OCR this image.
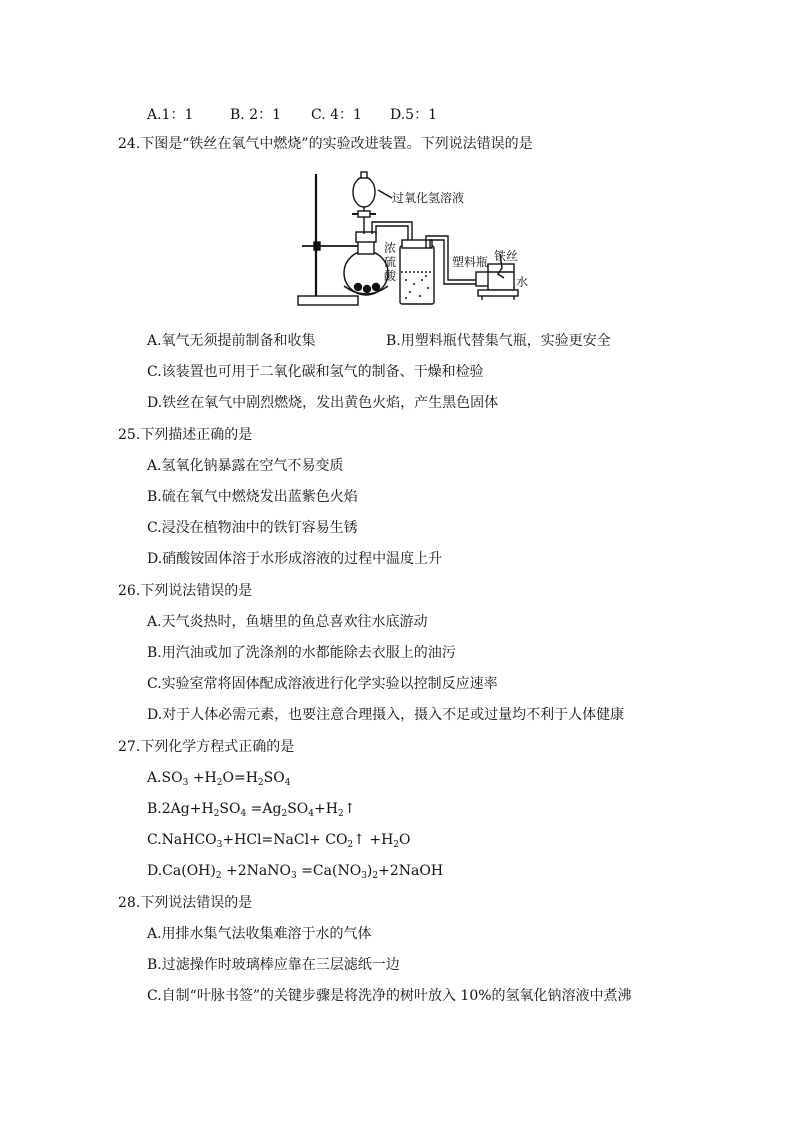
A.1：1	B. 2：1 C. 4：1 D.5：1
24.下图是“铁丝在氧气中燃烧”的实验改进装置。下列说法错误的是
过氧化氢溶液
浓
硫
酸
塑料瓶 铁丝
水
A.氧气无须提前制备和收集	B.用塑料瓶代替集气瓶，实验更安全
C.该装置也可用于二氧化碳和氢气的制备、干燥和检验
D.铁丝在氧气中剧烈燃烧，发出黄色火焰，产生黑色固体
25.下列描述正确的是
A.氢氧化钠暴露在空气不易变质
B.硫在氧气中燃烧发出蓝紫色火焰
C.浸没在植物油中的铁钉容易生锈
D.硝酸铵固体溶于水形成溶液的过程中温度上升
26.下列说法错误的是
A.天气炎热时，鱼塘里的鱼总喜欢往水底游动
B.用汽油或加了洗涤剂的水都能除去衣服上的油污
C.实验室常将固体配成溶液进行化学实验以控制反应速率
D.对于人体必需元素，也要注意合理摄入，摄入不足或过量均不利于人体健康
27.下列化学方程式正确的是
$A.SO_3 +H_2O=H_2SO_4$
$B.2Ag+H_2SO_4$ $=Ag_2SO_4+H_2↑$
C.NaHCO$_3$+HCl=NaCl+ $CO_2↑ +H_2O$
$D.Ca(OH)_2$ +2NaNO$_3$ $=Ca(NO_3)_2+2NaOH$
28.下列说法错误的是
A.用排水集气法收集难溶于水的气体
B.过滤操作时玻璃棒应靠在三层滤纸一边
C.自制“叶脉书签”的关键步骤是将洗净的树叶放入 10%的氢氧化钠溶液中煮沸
